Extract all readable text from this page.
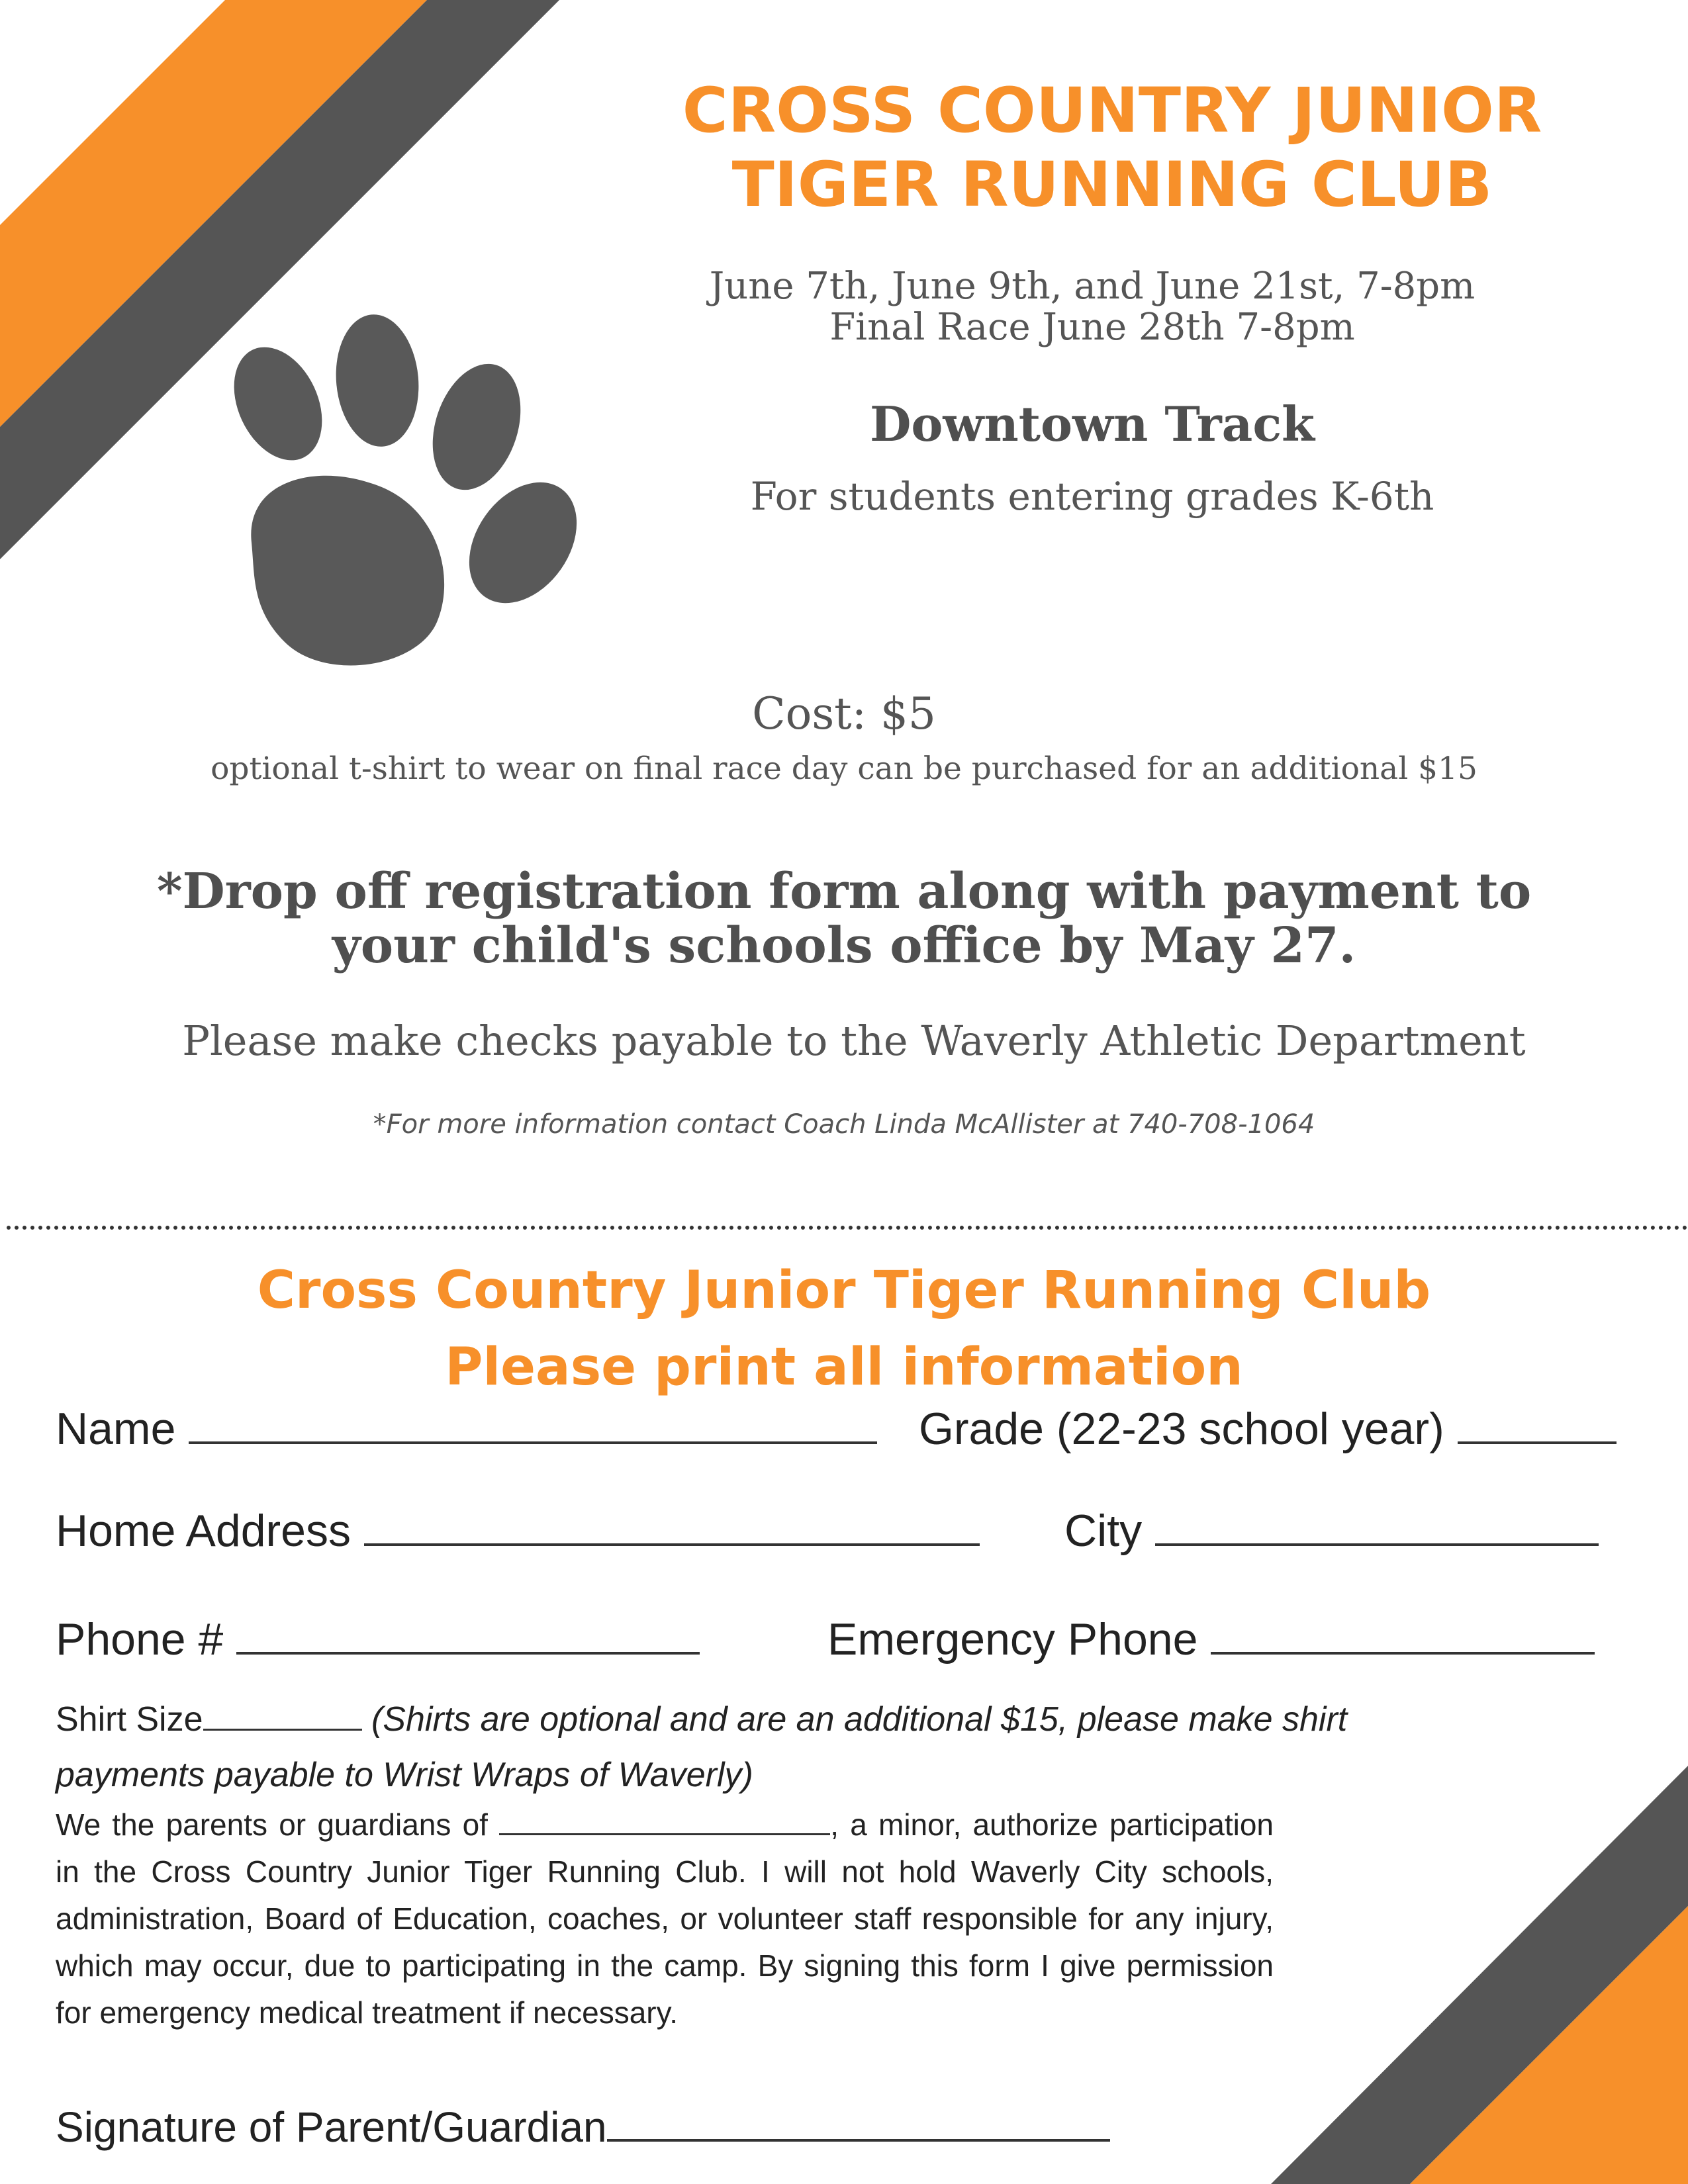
CROSS COUNTRY JUNIOR
TIGER RUNNING CLUB
June 7th, June 9th, and June 21st, 7-8pm
Final Race June 28th 7-8pm
Downtown Track
For students entering grades K-6th
Cost: $5
optional t-shirt to wear on final race day can be purchased for an additional $15
*Drop off registration form along with payment to
your child's schools office by May 27.
Please make checks payable to the Waverly Athletic Department
*For more information contact Coach Linda McAllister at 740-708-1064
Cross Country Junior Tiger Running Club
Please print all information
Name	Grade (22-23 school year)
Home Address	City
Phone #	Emergency Phone
Shirt Size	(Shirts are optional and are an additional $15, please make shirt
payments payable to Wrist Wraps of Waverly)
We the parents or guardians of	, a minor, authorize participation in the Cross Country Junior Tiger Running Club. I will not hold Waverly City schools, administration, Board of Education, coaches, or volunteer staff responsible for any injury, which may occur, due to participating in the camp. By signing this form I give permission for emergency medical treatment if necessary.
Signature of Parent/Guardian
